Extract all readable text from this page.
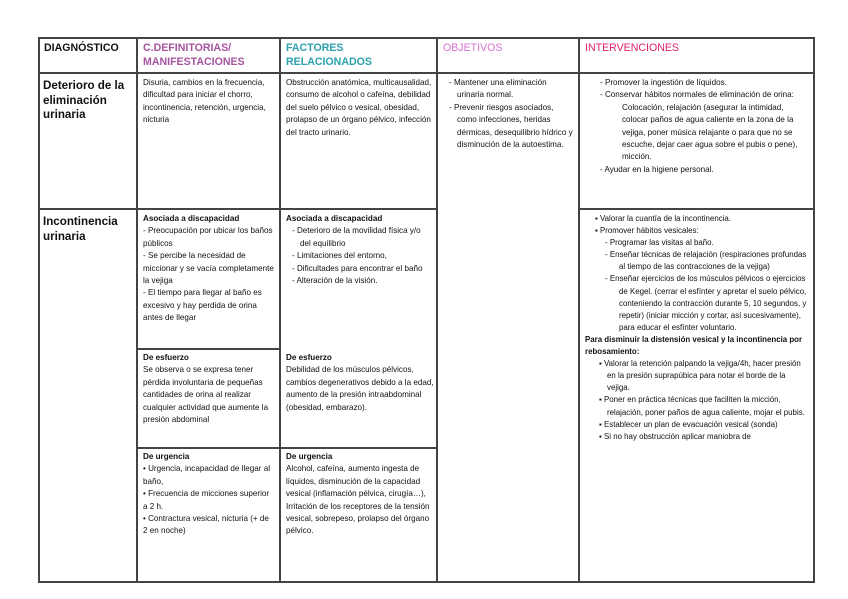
DIAGNÓSTICO	C.DEFINITORIAS/ MANIFESTACIONES
FACTORES RELACIONADOS
OBJETIVOS	INTERVENCIONES
Deterioro de la eliminación urinaria
Disuria, cambios en la frecuencia, dificultad para iniciar el chorro, incontinencia, retención, urgencia, nicturia
Obstrucción anatómica, multicausalidad, consumo de alcohol o cafeína, debilidad del suelo pélvico o vesical, obesidad, prolapso de un órgano pélvico, infección del tracto urinario.
- Mantener una eliminación urinaria normal.
- Prevenir riesgos asociados, como infecciones, heridas dérmicas, desequilibrio hídrico y disminución de la autoestima.
- Promover la ingestión de líquidos.
- Conservar hábitos normales de eliminación de orina: Colocación, relajación (asegurar la intimidad, colocar paños de agua caliente en la zona de la vejiga, poner música relajante o para que no se escuche, dejar caer agua sobre el pubis o pene), micción.
- Ayudar en la higiene personal.
Incontinencia urinaria
Asociada a discapacidad
- Preocupación por ubicar los baños públicos
- Se percibe la necesidad de miccionar y se vacía completamente la vejiga
- El tiempo para llegar al baño es excesivo y hay perdida de orina antes de llegar
Asociada a discapacidad
- Deterioro de la movilidad física y/o del equilibrio
- Limitaciones del entorno,
- Dificultades para encontrar el baño
- Alteración de la visión.
De esfuerzo
Se observa o se expresa tener pérdida involuntaria de pequeñas cantidades de orina al realizar cualquier actividad que aumente la presión abdominal
De esfuerzo
Debilidad de los músculos pélvicos, cambios degenerativos debido a la edad, aumento de la presión intraabdominal (obesidad, embarazo).
De urgencia
• Urgencia, incapacidad de llegar al baño,
• Frecuencia de micciones superior a 2 h.
• Contractura vesical, nicturia (+ de 2 en noche)
De urgencia
Alcohol, cafeína, aumento ingesta de líquidos, disminución de la capacidad vesical (inflamación pélvica, cirugía…), Irritación de los receptores de la tensión vesical, sobrepeso, prolapso del órgano pélvico.
▪ Valorar la cuantía de la incontinencia.
▪ Promover hábitos vesicales:
- Programar las visitas al baño.
- Enseñar técnicas de relajación (respiraciones profundas al tiempo de las contracciones de la vejiga)
- Enseñar ejercicios de los músculos pélvicos o ejercicios de Kegel. (cerrar el esfínter y apretar el suelo pélvico, conteniendo la contracción durante 5, 10 segundos, y repetir) (iniciar micción y cortar, así sucesivamente), para educar el esfínter voluntario.
Para disminuir la distensión vesical y la incontinencia por rebosamiento:
▪ Valorar la retención palpando la vejiga/4h, hacer presión en la presión suprapúbica para notar el borde de la vejiga.
▪ Poner en práctica técnicas que faciliten la micción, relajación, poner paños de agua caliente, mojar el pubis.
▪ Establecer un plan de evacuación vesical (sonda)
▪ Si no hay obstrucción aplicar maniobra de
